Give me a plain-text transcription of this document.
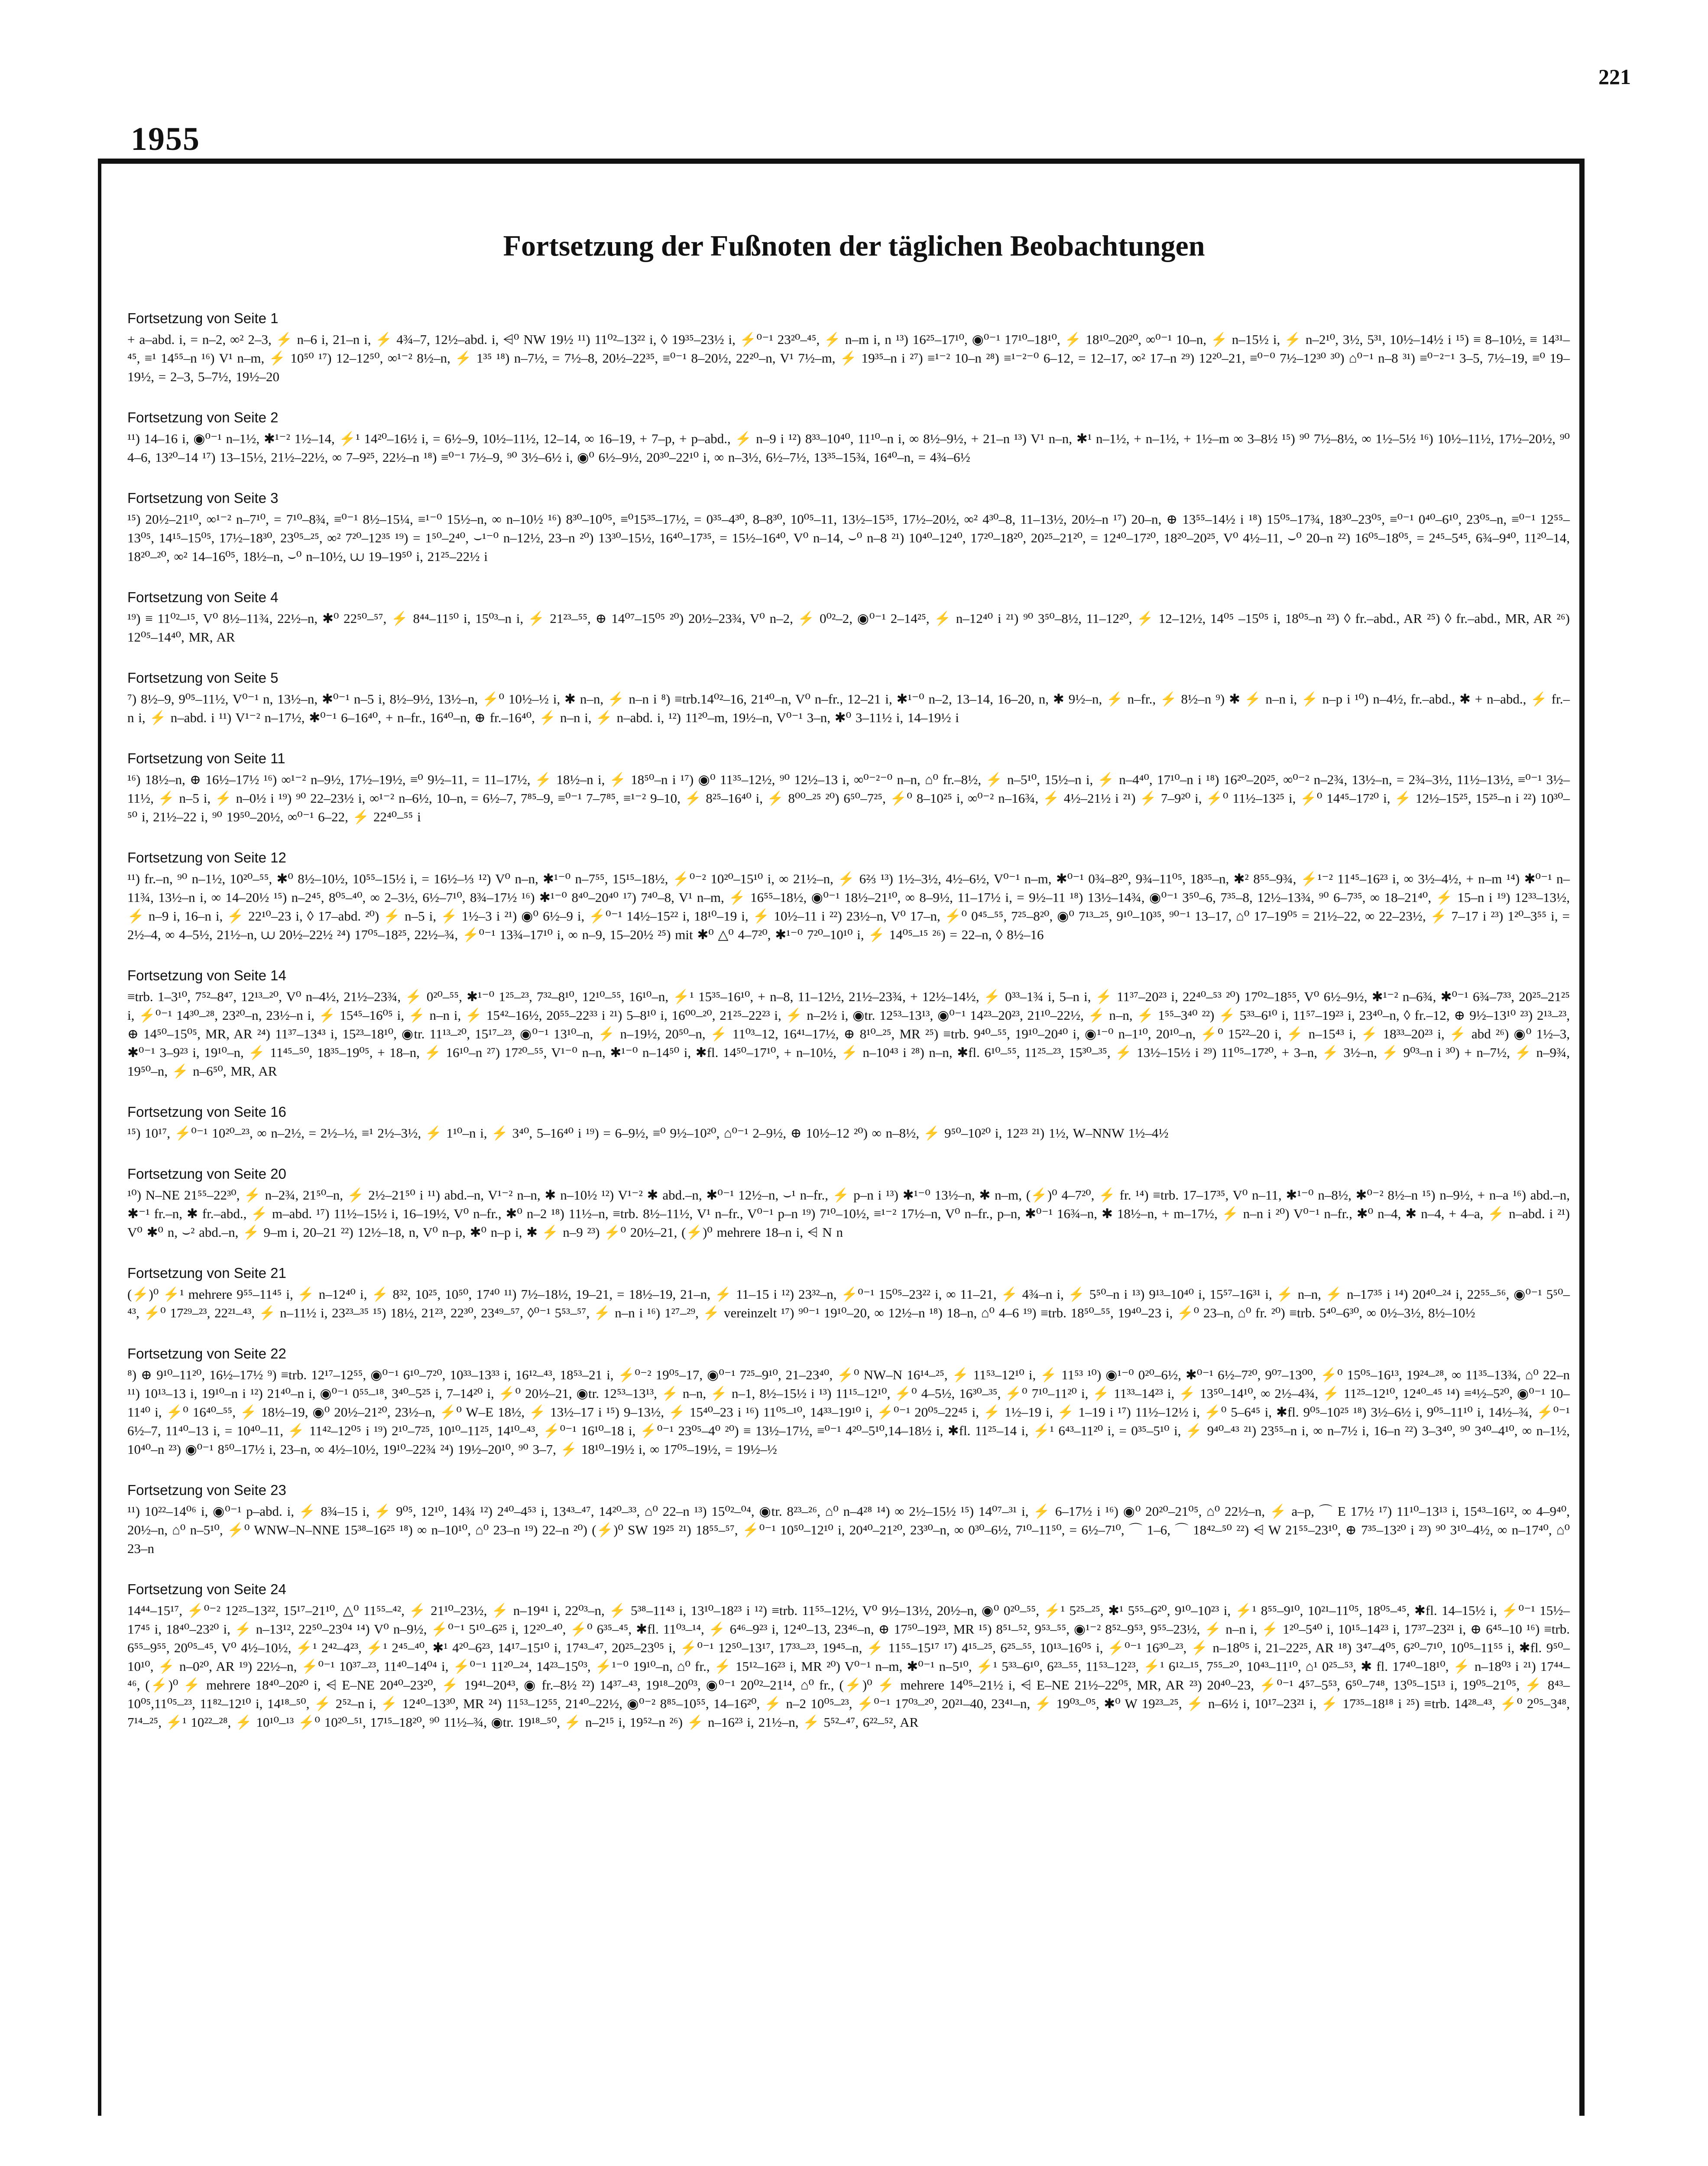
221
1955
Fortsetzung der Fußnoten der täglichen Beobachtungen
Fortsetzung von Seite 1
+ a–abd. i, = n–2, ∞² 2–3, ⚡ n–6 i, 21–n i, ⚡ 4¾–7, 12½–abd. i, ⩤⁰ NW 19½ ¹¹) 11⁰²–13²² i, ◊ 19³⁵–23½ i, ⚡⁰⁻¹ 23²⁰–⁴⁵, ⚡ n–m i, n ¹³) 16²⁵–17¹⁰, ◉⁰⁻¹ 17¹⁰–18¹⁰, ⚡ 18¹⁰–20²⁰, ∞⁰⁻¹ 10–n, ⚡ n–15½ i, ⚡ n–2¹⁰, 3½, 5³¹, 10½–14½ i ¹⁵) ≡ 8–10½, ≡ 14³¹–⁴⁵, ≡¹ 14⁵⁵–n ¹⁶) V¹ n–m, ⚡ 10⁵⁰ ¹⁷) 12–12⁵⁰, ∞¹⁻² 8½–n, ⚡ 1³⁵ ¹⁸) n–7½, = 7½–8, 20½–22³⁵, ≡⁰⁻¹ 8–20½, 22²⁰–n, V¹ 7½–m, ⚡ 19³⁵–n i ²⁷) ≡¹⁻² 10–n ²⁸) ≡¹⁻²⁻⁰ 6–12, = 12–17, ∞² 17–n ²⁹) 12²⁰–21, ≡⁰⁻⁰ 7½–12³⁰ ³⁰) ⌂⁰⁻¹ n–8 ³¹) ≡⁰⁻²⁻¹ 3–5, 7½–19, ≡⁰ 19–19½, = 2–3, 5–7½, 19½–20
Fortsetzung von Seite 2
¹¹) 14–16 i, ◉⁰⁻¹ n–1½, ✱¹⁻² 1½–14, ⚡¹ 14²⁰–16½ i, = 6½–9, 10½–11½, 12–14, ∞ 16–19, + 7–p, + p–abd., ⚡ n–9 i ¹²) 8³³–10⁴⁰, 11¹⁰–n i, ∞ 8½–9½, + 21–n ¹³) V¹ n–n, ✱¹ n–1½, + n–1½, + 1½–m ∞ 3–8½ ¹⁵) ⁹⁰ 7½–8½, ∞ 1½–5½ ¹⁶) 10½–11½, 17½–20½, ⁹⁰ 4–6, 13²⁰–14 ¹⁷) 13–15½, 21½–22½, ∞ 7–9²⁵, 22½–n ¹⁸) ≡⁰⁻¹ 7½–9, ⁹⁰ 3½–6½ i, ◉⁰ 6½–9½, 20³⁰–22¹⁰ i, ∞ n–3½, 6½–7½, 13³⁵–15¾, 16⁴⁰–n, = 4¾–6½
Fortsetzung von Seite 3
¹⁵) 20½–21¹⁰, ∞¹⁻² n–7¹⁰, = 7¹⁰–8¾, ≡⁰⁻¹ 8½–15¼, ≡¹⁻⁰ 15½–n, ∞ n–10½ ¹⁶) 8³⁰–10⁰⁵, ≡⁰15³⁵–17½, = 0³⁵–4³⁰, 8–8³⁰, 10⁰⁵–11, 13½–15³⁵, 17½–20½, ∞² 4³⁰–8, 11–13½, 20½–n ¹⁷) 20–n, ⊕ 13⁵⁵–14½ i ¹⁸) 15⁰⁵–17¾, 18³⁰–23⁰⁵, ≡⁰⁻¹ 0⁴⁰–6¹⁰, 23⁰⁵–n, ≡⁰⁻¹ 12⁵⁵–13⁰⁵, 14¹⁵–15⁰⁵, 17½–18³⁰, 23⁰⁵–²⁵, ∞² 7²⁰–12³⁵ ¹⁹) = 1⁵⁰–2⁴⁰, ⌣¹⁻⁰ n–12½, 23–n ²⁰) 13³⁰–15½, 16⁴⁰–17³⁵, = 15½–16⁴⁰, V⁰ n–14, ⌣⁰ n–8 ²¹) 10⁴⁰–12⁴⁰, 17²⁰–18²⁰, 20²⁵–21²⁰, = 12⁴⁰–17²⁰, 18²⁰–20²⁵, V⁰ 4½–11, ⌣⁰ 20–n ²²) 16⁰⁵–18⁰⁵, = 2⁴⁵–5⁴⁵, 6¾–9⁴⁰, 11²⁰–14, 18²⁰–²⁰, ∞² 14–16⁰⁵, 18½–n, ⌣⁰ n–10½, ⩊ 19–19⁵⁰ i, 21²⁵–22½ i
Fortsetzung von Seite 4
¹⁹) ≡ 11⁰²–¹⁵, V⁰ 8½–11¾, 22½–n, ✱⁰ 22⁵⁰–⁵⁷, ⚡ 8⁴⁴–11⁵⁰ i, 15⁰³–n i, ⚡ 21²³–⁵⁵, ⊕ 14⁰⁷–15⁰⁵ ²⁰) 20½–23¾, V⁰ n–2, ⚡ 0⁰²–2, ◉⁰⁻¹ 2–14²⁵, ⚡ n–12⁴⁰ i ²¹) ⁹⁰ 3⁵⁰–8½, 11–12²⁰, ⚡ 12–12½, 14⁰⁵ –15⁰⁵ i, 18⁰⁵–n ²³) ◊ fr.–abd., AR ²⁵) ◊ fr.–abd., MR, AR ²⁶) 12⁰⁵–14⁴⁰, MR, AR
Fortsetzung von Seite 5
⁷) 8½–9, 9⁰⁵–11½, V⁰⁻¹ n, 13½–n, ✱⁰⁻¹ n–5 i, 8½–9½, 13½–n, ⚡⁰ 10½–½ i, ✱ n–n, ⚡ n–n i ⁸) ≡trb.14⁰²–16, 21⁴⁰–n, V⁰ n–fr., 12–21 i, ✱¹⁻⁰ n–2, 13–14, 16–20, n, ✱ 9½–n, ⚡ n–fr., ⚡ 8½–n ⁹) ✱ ⚡ n–n i, ⚡ n–p i ¹⁰) n–4½, fr.–abd., ✱ + n–abd., ⚡ fr.–n i, ⚡ n–abd. i ¹¹) V¹⁻² n–17½, ✱⁰⁻¹ 6–16⁴⁰, + n–fr., 16⁴⁰–n, ⊕ fr.–16⁴⁰, ⚡ n–n i, ⚡ n–abd. i, ¹²) 11²⁰–m, 19½–n, V⁰⁻¹ 3–n, ✱⁰ 3–11½ i, 14–19½ i
Fortsetzung von Seite 11
¹⁶) 18½–n, ⊕ 16½–17½ ¹⁶) ∞¹⁻² n–9½, 17½–19½, ≡⁰ 9½–11, = 11–17½, ⚡ 18½–n i, ⚡ 18⁵⁰–n i ¹⁷) ◉⁰ 11³⁵–12½, ⁹⁰ 12½–13 i, ∞⁰⁻²⁻⁰ n–n, ⌂⁰ fr.–8½, ⚡ n–5¹⁰, 15½–n i, ⚡ n–4⁴⁰, 17¹⁰–n i ¹⁸) 16²⁰–20²⁵, ∞⁰⁻² n–2¾, 13½–n, = 2¾–3½, 11½–13½, ≡⁰⁻¹ 3½–11½, ⚡ n–5 i, ⚡ n–0½ i ¹⁹) ⁹⁰ 22–23½ i, ∞¹⁻² n–6½, 10–n, = 6½–7, 7⁸⁵–9, ≡⁰⁻¹ 7–7⁸⁵, ≡¹⁻² 9–10, ⚡ 8²⁵–16⁴⁰ i, ⚡ 8⁰⁰–²⁵ ²⁰) 6⁵⁰–7²⁵, ⚡⁰ 8–10²⁵ i, ∞⁰⁻² n–16¾, ⚡ 4½–21½ i ²¹) ⚡ 7–9²⁰ i, ⚡⁰ 11½–13²⁵ i, ⚡⁰ 14⁴⁵–17²⁰ i, ⚡ 12½–15²⁵, 15²⁵–n i ²²) 10³⁰–⁵⁰ i, 21½–22 i, ⁹⁰ 19⁵⁰–20½, ∞⁰⁻¹ 6–22, ⚡ 22⁴⁰–⁵⁵ i
Fortsetzung von Seite 12
¹¹) fr.–n, ⁹⁰ n–1½, 10²⁰–⁵⁵, ✱⁰ 8½–10½, 10⁵⁵–15½ i, = 16½–⅓ ¹²) V⁰ n–n, ✱¹⁻⁰ n–7⁵⁵, 15¹⁵–18½, ⚡⁰⁻² 10²⁰–15¹⁰ i, ∞ 21½–n, ⚡ 6⅔ ¹³) 1½–3½, 4½–6½, V⁰⁻¹ n–m, ✱⁰⁻¹ 0¾–8²⁰, 9¾–11⁰⁵, 18³⁵–n, ✱² 8⁵⁵–9¾, ⚡¹⁻² 11⁴⁵–16²³ i, ∞ 3½–4½, + n–m ¹⁴) ✱⁰⁻¹ n–11¾, 13½–n i, ∞ 14–20½ ¹⁵) n–2⁴⁵, 8⁰⁵–⁴⁰, ∞ 2–3½, 6½–7¹⁰, 8¾–17½ ¹⁶) ✱¹⁻⁰ 8⁴⁰–20⁴⁰ ¹⁷) 7⁴⁰–8, V¹ n–m, ⚡ 16⁵⁵–18½, ◉⁰⁻¹ 18½–21¹⁰, ∞ 8–9½, 11–17½ i, = 9½–11 ¹⁸) 13½–14¾, ◉⁰⁻¹ 3⁵⁰–6, 7³⁵–8, 12½–13¾, ⁹⁰ 6–7³⁵, ∞ 18–21⁴⁰, ⚡ 15–n i ¹⁹) 12³³–13½, ⚡ n–9 i, 16–n i, ⚡ 22¹⁰–23 i, ◊ 17–abd. ²⁰) ⚡ n–5 i, ⚡ 1½–3 i ²¹) ◉⁰ 6½–9 i, ⚡⁰⁻¹ 14½–15²² i, 18¹⁰–19 i, ⚡ 10½–11 i ²²) 23½–n, V⁰ 17–n, ⚡⁰ 0⁴⁵–⁵⁵, 7²⁵–8²⁰, ◉⁰ 7¹³–²⁵, 9¹⁰–10³⁵, ⁹⁰⁻¹ 13–17, ⌂⁰ 17–19⁰⁵ = 21½–22, ∞ 22–23½, ⚡ 7–17 i ²³) 1²⁰–3⁵⁵ i, = 2½–4, ∞ 4–5½, 21½–n, ⩊ 20½–22½ ²⁴) 17⁰⁵–18²⁵, 22½–¾, ⚡⁰⁻¹ 13¾–17¹⁰ i, ∞ n–9, 15–20½ ²⁵) mit ✱⁰ △⁰ 4–7²⁰, ✱¹⁻⁰ 7²⁰–10¹⁰ i, ⚡ 14⁰⁵–¹⁵ ²⁶) = 22–n, ◊ 8½–16
Fortsetzung von Seite 14
≡trb. 1–3¹⁰, 7⁵²–8⁴⁷, 12¹³–²⁰, V⁰ n–4½, 21½–23¾, ⚡ 0²⁰–⁵⁵, ✱¹⁻⁰ 1²⁵–²³, 7³²–8¹⁰, 12¹⁰–⁵⁵, 16¹⁰–n, ⚡¹ 15³⁵–16¹⁰, + n–8, 11–12½, 21½–23¾, + 12½–14½, ⚡ 0³³–1¾ i, 5–n i, ⚡ 11³⁷–20²³ i, 22⁴⁰–⁵³ ²⁰) 17⁰²–18⁵⁵, V⁰ 6½–9½, ✱¹⁻² n–6¾, ✱⁰⁻¹ 6¾–7³³, 20²⁵–21²⁵ i, ⚡⁰⁻¹ 14³⁰–²⁸, 23²⁰–n, 23½–n i, ⚡ 15⁴⁵–16⁰⁵ i, ⚡ n–n i, ⚡ 15⁴²–16½, 20⁵⁵–22³³ i ²¹) 5–8¹⁰ i, 16⁰⁰–²⁰, 21²⁵–22²³ i, ⚡ n–2½ i, ◉tr. 12⁵³–13¹³, ◉⁰⁻¹ 14²³–20²³, 21¹⁰–22½, ⚡ n–n, ⚡ 1⁵⁵–3⁴⁰ ²²) ⚡ 5³³–6¹⁰ i, 11⁵⁷–19²³ i, 23⁴⁰–n, ◊ fr.–12, ⊕ 9½–13¹⁰ ²³) 2¹³–²³, ⊕ 14⁵⁰–15⁰⁵, MR, AR ²⁴) 11³⁷–13⁴³ i, 15²³–18¹⁰, ◉tr. 11¹³–²⁰, 15¹⁷–²³, ◉⁰⁻¹ 13¹⁰–n, ⚡ n–19½, 20⁵⁰–n, ⚡ 11⁰³–12, 16⁴¹–17½, ⊕ 8¹⁰–²⁵, MR ²⁵) ≡trb. 9⁴⁰–⁵⁵, 19¹⁰–20⁴⁰ i, ◉¹⁻⁰ n–1¹⁰, 20¹⁰–n, ⚡⁰ 15²²–20 i, ⚡ n–15⁴³ i, ⚡ 18³³–20²³ i, ⚡ abd ²⁶) ◉⁰ 1½–3, ✱⁰⁻¹ 3–9²³ i, 19¹⁰–n, ⚡ 11⁴⁵–⁵⁰, 18³⁵–19⁰⁵, + 18–n, ⚡ 16¹⁰–n ²⁷) 17²⁰–⁵⁵, V¹⁻⁰ n–n, ✱¹⁻⁰ n–14⁵⁰ i, ✱fl. 14⁵⁰–17¹⁰, + n–10½, ⚡ n–10⁴³ i ²⁸) n–n, ✱fl. 6¹⁰–⁵⁵, 11²⁵–²³, 15³⁰–³⁵, ⚡ 13½–15½ i ²⁹) 11⁰⁵–17²⁰, + 3–n, ⚡ 3½–n, ⚡ 9⁰³–n i ³⁰) + n–7½, ⚡ n–9¾, 19⁵⁰–n, ⚡ n–6⁵⁰, MR, AR
Fortsetzung von Seite 16
¹⁵) 10¹⁷, ⚡⁰⁻¹ 10²⁰–²³, ∞ n–2½, = 2½–½, ≡¹ 2½–3½, ⚡ 1¹⁰–n i, ⚡ 3⁴⁰, 5–16⁴⁰ i ¹⁹) = 6–9½, ≡⁰ 9½–10²⁰, ⌂⁰⁻¹ 2–9½, ⊕ 10½–12 ²⁰) ∞ n–8½, ⚡ 9⁵⁰–10²⁰ i, 12²³ ²¹) 1½, W–NNW 1½–4½
Fortsetzung von Seite 20
¹⁰) N–NE 21⁵⁵–22³⁰, ⚡ n–2¾, 21⁵⁰–n, ⚡ 2½–21⁵⁰ i ¹¹) abd.–n, V¹⁻² n–n, ✱ n–10½ ¹²) V¹⁻² ✱ abd.–n, ✱⁰⁻¹ 12½–n, ⌣¹ n–fr., ⚡ p–n i ¹³) ✱¹⁻⁰ 13½–n, ✱ n–m, (⚡)⁰ 4–7²⁰, ⚡ fr. ¹⁴) ≡trb. 17–17³⁵, V⁰ n–11, ✱¹⁻⁰ n–8½, ✱⁰⁻² 8½–n ¹⁵) n–9½, + n–a ¹⁶) abd.–n, ✱⁻¹ fr.–n, ✱ fr.–abd., ⚡ m–abd. ¹⁷) 11½–15½ i, 16–19½, V⁰ n–fr., ✱⁰ n–2 ¹⁸) 11½–n, ≡trb. 8½–11½, V¹ n–fr., V⁰⁻¹ p–n ¹⁹) 7¹⁰–10½, ≡¹⁻² 17½–n, V⁰ n–fr., p–n, ✱⁰⁻¹ 16¾–n, ✱ 18½–n, + m–17½, ⚡ n–n i ²⁰) V⁰⁻¹ n–fr., ✱⁰ n–4, ✱ n–4, + 4–a, ⚡ n–abd. i ²¹) V⁰ ✱⁰ n, ⌣² abd.–n, ⚡ 9–m i, 20–21 ²²) 12½–18, n, V⁰ n–p, ✱⁰ n–p i, ✱ ⚡ n–9 ²³) ⚡⁰ 20½–21, (⚡)⁰ mehrere 18–n i, ⩤ N n
Fortsetzung von Seite 21
(⚡)⁰ ⚡¹ mehrere 9⁵⁵–11⁴⁵ i, ⚡ n–12⁴⁰ i, ⚡ 8³², 10²⁵, 10⁵⁰, 17⁴⁰ ¹¹) 7½–18½, 19–21, = 18½–19, 21–n, ⚡ 11–15 i ¹²) 23³²–n, ⚡⁰⁻¹ 15⁰⁵–23²² i, ∞ 11–21, ⚡ 4¾–n i, ⚡ 5⁵⁰–n i ¹³) 9¹³–10⁴⁰ i, 15⁵⁷–16³¹ i, ⚡ n–n, ⚡ n–17³⁵ i ¹⁴) 20⁴⁰–²⁴ i, 22⁵⁵–⁵⁶, ◉⁰⁻¹ 5⁵⁰–⁴³, ⚡⁰ 17²⁹–²³, 22²¹–⁴³, ⚡ n–11½ i, 23²³–³⁵ ¹⁵) 18½, 21²³, 22³⁰, 23⁴⁹–⁵⁷, ◊⁰⁻¹ 5⁵³–⁵⁷, ⚡ n–n i ¹⁶) 1²⁷–²⁹, ⚡ vereinzelt ¹⁷) ⁹⁰⁻¹ 19¹⁰–20, ∞ 12½–n ¹⁸) 18–n, ⌂⁰ 4–6 ¹⁹) ≡trb. 18⁵⁰–⁵⁵, 19⁴⁰–23 i, ⚡⁰ 23–n, ⌂⁰ fr. ²⁰) ≡trb. 5⁴⁰–6³⁰, ∞ 0½–3½, 8½–10½
Fortsetzung von Seite 22
⁸) ⊕ 9¹⁰–11²⁰, 16½–17½ ⁹) ≡trb. 12¹⁷–12⁵⁵, ◉⁰⁻¹ 6¹⁰–7²⁰, 10³³–13³³ i, 16¹²–⁴³, 18⁵³–21 i, ⚡⁰⁻² 19⁰⁵–17, ◉⁰⁻¹ 7²⁵–9¹⁰, 21–23⁴⁰, ⚡⁰ NW–N 16¹⁴–²⁵, ⚡ 11⁵³–12¹⁰ i, ⚡ 11⁵³ ¹⁰) ◉¹⁻⁰ 0²⁰–6½, ✱⁰⁻¹ 6½–7²⁰, 9⁰⁷–13⁰⁰, ⚡⁰ 15⁰⁵–16¹³, 19²⁴–²⁸, ∞ 11³⁵–13¾, ⌂⁰ 22–n ¹¹) 10¹³–13 i, 19¹⁰–n i ¹²) 21⁴⁰–n i, ◉⁰⁻¹ 0⁵⁵–¹⁸, 3⁴⁰–5²⁵ i, 7–14²⁰ i, ⚡⁰ 20½–21, ◉tr. 12⁵³–13¹³, ⚡ n–n, ⚡ n–1, 8½–15½ i ¹³) 11¹⁵–12¹⁰, ⚡⁰ 4–5½, 16³⁰–³⁵, ⚡⁰ 7¹⁰–11²⁰ i, ⚡ 11³³–14²³ i, ⚡ 13⁵⁰–14¹⁰, ∞ 2½–4¾, ⚡ 11²⁵–12¹⁰, 12⁴⁰–⁴⁵ ¹⁴) ≡⁴½–5²⁰, ◉⁰⁻¹ 10–11⁴⁰ i, ⚡⁰ 16⁴⁰–⁵⁵, ⚡ 18½–19, ◉⁰ 20½–21²⁰, 23½–n, ⚡⁰ W–E 18½, ⚡ 13½–17 i ¹⁵) 9–13½, ⚡ 15⁴⁰–23 i ¹⁶) 11⁰⁵–¹⁰, 14³³–19¹⁰ i, ⚡⁰⁻¹ 20⁰⁵–22⁴⁵ i, ⚡ 1½–19 i, ⚡ 1–19 i ¹⁷) 11½–12½ i, ⚡⁰ 5–6⁴⁵ i, ✱fl. 9⁰⁵–10²⁵ ¹⁸) 3½–6½ i, 9⁰⁵–11¹⁰ i, 14½–¾, ⚡⁰⁻¹ 6½–7, 11⁴⁰–13 i, = 10⁴⁰–11, ⚡ 11⁴²–12⁰⁵ i ¹⁹) 2¹⁰–7²⁵, 10¹⁰–11²⁵, 14¹⁰–⁴³, ⚡⁰⁻¹ 16¹⁰–18 i, ⚡⁰⁻¹ 23⁰⁵–4⁰ ²⁰) ≡ 13½–17½, ≡⁰⁻¹ 4²⁰–5¹⁰,14–18½ i, ✱fl. 11²⁵–14 i, ⚡¹ 6⁴³–11²⁰ i, = 0³⁵–5¹⁰ i, ⚡ 9⁴⁰–⁴³ ²¹) 23⁵⁵–n i, ∞ n–7½ i, 16–n ²²) 3–3⁴⁰, ⁹⁰ 3⁴⁰–4¹⁰, ∞ n–1½, 10⁴⁰–n ²³) ◉⁰⁻¹ 8⁵⁰–17½ i, 23–n, ∞ 4½–10½, 19¹⁰–22¾ ²⁴) 19½–20¹⁰, ⁹⁰ 3–7, ⚡ 18¹⁰–19½ i, ∞ 17⁰⁵–19½, = 19½–½
Fortsetzung von Seite 23
¹¹) 10²²–14⁰⁶ i, ◉⁰⁻¹ p–abd. i, ⚡ 8¾–15 i, ⚡ 9⁰⁵, 12¹⁰, 14¾ ¹²) 2⁴⁰–4⁵³ i, 13⁴³–⁴⁷, 14²⁰–³³, ⌂⁰ 22–n ¹³) 15⁰²–⁰⁴, ◉tr. 8²³–²⁶, ⌂⁰ n–4²⁸ ¹⁴) ∞ 2½–15½ ¹⁵) 14⁰⁷–³¹ i, ⚡ 6–17½ i ¹⁶) ◉⁰ 20²⁰–21⁰⁵, ⌂⁰ 22½–n, ⚡ a–p, ⌒ E 17½ ¹⁷) 11¹⁰–13¹³ i, 15⁴³–16¹², ∞ 4–9⁴⁰, 20½–n, ⌂⁰ n–5¹⁰, ⚡⁰ WNW–N–NNE 15³⁸–16²⁵ ¹⁸) ∞ n–10¹⁰, ⌂⁰ 23–n ¹⁹) 22–n ²⁰) (⚡)⁰ SW 19²⁵ ²¹) 18⁵⁵–⁵⁷, ⚡⁰⁻¹ 10⁵⁰–12¹⁰ i, 20⁴⁰–21²⁰, 23³⁰–n, ∞ 0³⁰–6½, 7¹⁰–11⁵⁰, = 6½–7¹⁰, ⌒ 1–6, ⌒ 18⁴²–⁵⁰ ²²) ⩤ W 21⁵⁵–23¹⁰, ⊕ 7³⁵–13²⁰ i ²³) ⁹⁰ 3¹⁰–4½, ∞ n–17⁴⁰, ⌂⁰ 23–n
Fortsetzung von Seite 24
14⁴⁴–15¹⁷, ⚡⁰⁻² 12²⁵–13²², 15¹⁷–21¹⁰, △⁰ 11⁵⁵–⁴², ⚡ 21¹⁰–23½, ⚡ n–19⁴¹ i, 22⁰³–n, ⚡ 5³⁸–11⁴³ i, 13¹⁰–18²³ i ¹²) ≡trb. 11⁵⁵–12½, V⁰ 9½–13½, 20½–n, ◉⁰ 0²⁰–⁵⁵, ⚡¹ 5²⁵–²⁵, ✱¹ 5⁵⁵–6²⁰, 9¹⁰–10²³ i, ⚡¹ 8⁵⁵–9¹⁰, 10²¹–11⁰⁵, 18⁰⁵–⁴⁵, ✱fl. 14–15½ i, ⚡⁰⁻¹ 15½–17⁴⁵ i, 18⁴⁰–23²⁰ i, ⚡ n–13¹², 22⁵⁰–23⁰⁴ ¹⁴) V⁰ n–9½, ⚡⁰⁻¹ 5¹⁰–6²⁵ i, 12²⁰–⁴⁰, ⚡⁰ 6³⁵–⁴⁵, ✱fl. 11⁰³–¹⁴, ⚡ 6⁴⁶–9²³ i, 12⁴⁰–13, 23⁴⁶–n, ⊕ 17⁵⁰–19²³, MR ¹⁵) 8⁵¹–⁵², 9⁵³–⁵⁵, ◉¹⁻² 8⁵²–9⁵³, 9⁵⁵–23½, ⚡ n–n i, ⚡ 1²⁰–5⁴⁰ i, 10¹⁵–14²³ i, 17³⁷–23²¹ i, ⊕ 6⁴⁵–10 ¹⁶) ≡trb. 6⁵⁵–9⁵⁵, 20⁰⁵–⁴⁵, V⁰ 4½–10½, ⚡¹ 2⁴²–4²³, ⚡¹ 2⁴⁵–⁴⁰, ✱¹ 4²⁰–6²³, 14¹⁷–15¹⁰ i, 17⁴³–⁴⁷, 20²⁵–23⁰⁵ i, ⚡⁰⁻¹ 12⁵⁰–13¹⁷, 17³³–²³, 19⁴⁵–n, ⚡ 11⁵⁵–15¹⁷ ¹⁷) 4¹⁵–²⁵, 6²⁵–⁵⁵, 10¹³–16⁰⁵ i, ⚡⁰⁻¹ 16³⁰–²³, ⚡ n–18⁰⁵ i, 21–22²⁵, AR ¹⁸) 3⁴⁷–4⁰⁵, 6²⁰–7¹⁰, 10⁰⁵–11⁵⁵ i, ✱fl. 9⁵⁰–10¹⁰, ⚡ n–0²⁰, AR ¹⁹) 22½–n, ⚡⁰⁻¹ 10³⁷–²³, 11⁴⁰–14⁰⁴ i, ⚡⁰⁻¹ 11²⁰–²⁴, 14²³–15⁰³, ⚡¹⁻⁰ 19¹⁰–n, ⌂⁰ fr., ⚡ 15¹²–16²³ i, MR ²⁰) V⁰⁻¹ n–m, ✱⁰⁻¹ n–5¹⁰, ⚡¹ 5³³–6¹⁰, 6²³–⁵⁵, 11⁵³–12²³, ⚡¹ 6¹²–¹⁵, 7⁵⁵–²⁰, 10⁴³–11¹⁰, ⌂¹ 0²⁵–⁵³, ✱ fl. 17⁴⁰–18¹⁰, ⚡ n–18⁰³ i ²¹) 17⁴⁴–⁴⁶, (⚡)⁰ ⚡ mehrere 18⁴⁰–20²⁰ i, ⩤ E–NE 20⁴⁰–23²⁰, ⚡ 19⁴¹–20⁴³, ◉ fr.–8½ ²²) 14³⁷–⁴³, 19¹⁸–20⁰³, ◉⁰⁻¹ 20⁰²–21¹⁴, ⌂⁰ fr., (⚡)⁰ ⚡ mehrere 14⁰⁵–21½ i, ⩤ E–NE 21½–22⁰⁵, MR, AR ²³) 20⁴⁰–23, ⚡⁰⁻¹ 4⁵⁷–5⁵³, 6⁵⁰–7⁴⁸, 13⁰⁵–15¹³ i, 19⁰⁵–21⁰⁵, ⚡ 8⁴³–10⁰⁵,11⁰⁵–²³, 11⁸²–12¹⁰ i, 14¹⁸–⁵⁰, ⚡ 2⁵²–n i, ⚡ 12⁴⁰–13³⁰, MR ²⁴) 11⁵³–12⁵⁵, 21⁴⁰–22½, ◉⁰⁻² 8⁸⁵–10⁵⁵, 14–16²⁰, ⚡ n–2 10⁰⁵–²³, ⚡⁰⁻¹ 17⁰³–²⁰, 20²¹–40, 23⁴¹–n, ⚡ 19⁰³–⁰⁵, ✱⁰ W 19²³–²⁵, ⚡ n–6½ i, 10¹⁷–23²¹ i, ⚡ 17³⁵–18¹⁸ i ²⁵) ≡trb. 14²⁸–⁴³, ⚡⁰ 2⁰⁵–3⁴⁸, 7¹⁴–²⁵, ⚡¹ 10²²–²⁸, ⚡ 10¹⁰–¹³ ⚡⁰ 10²⁰–⁵¹, 17¹⁵–18²⁰, ⁹⁰ 11½–¾, ◉tr. 19¹⁸–⁵⁰, ⚡ n–2¹⁵ i, 19⁵²–n ²⁶) ⚡ n–16²³ i, 21½–n, ⚡ 5⁵²–⁴⁷, 6²²–⁵², AR
